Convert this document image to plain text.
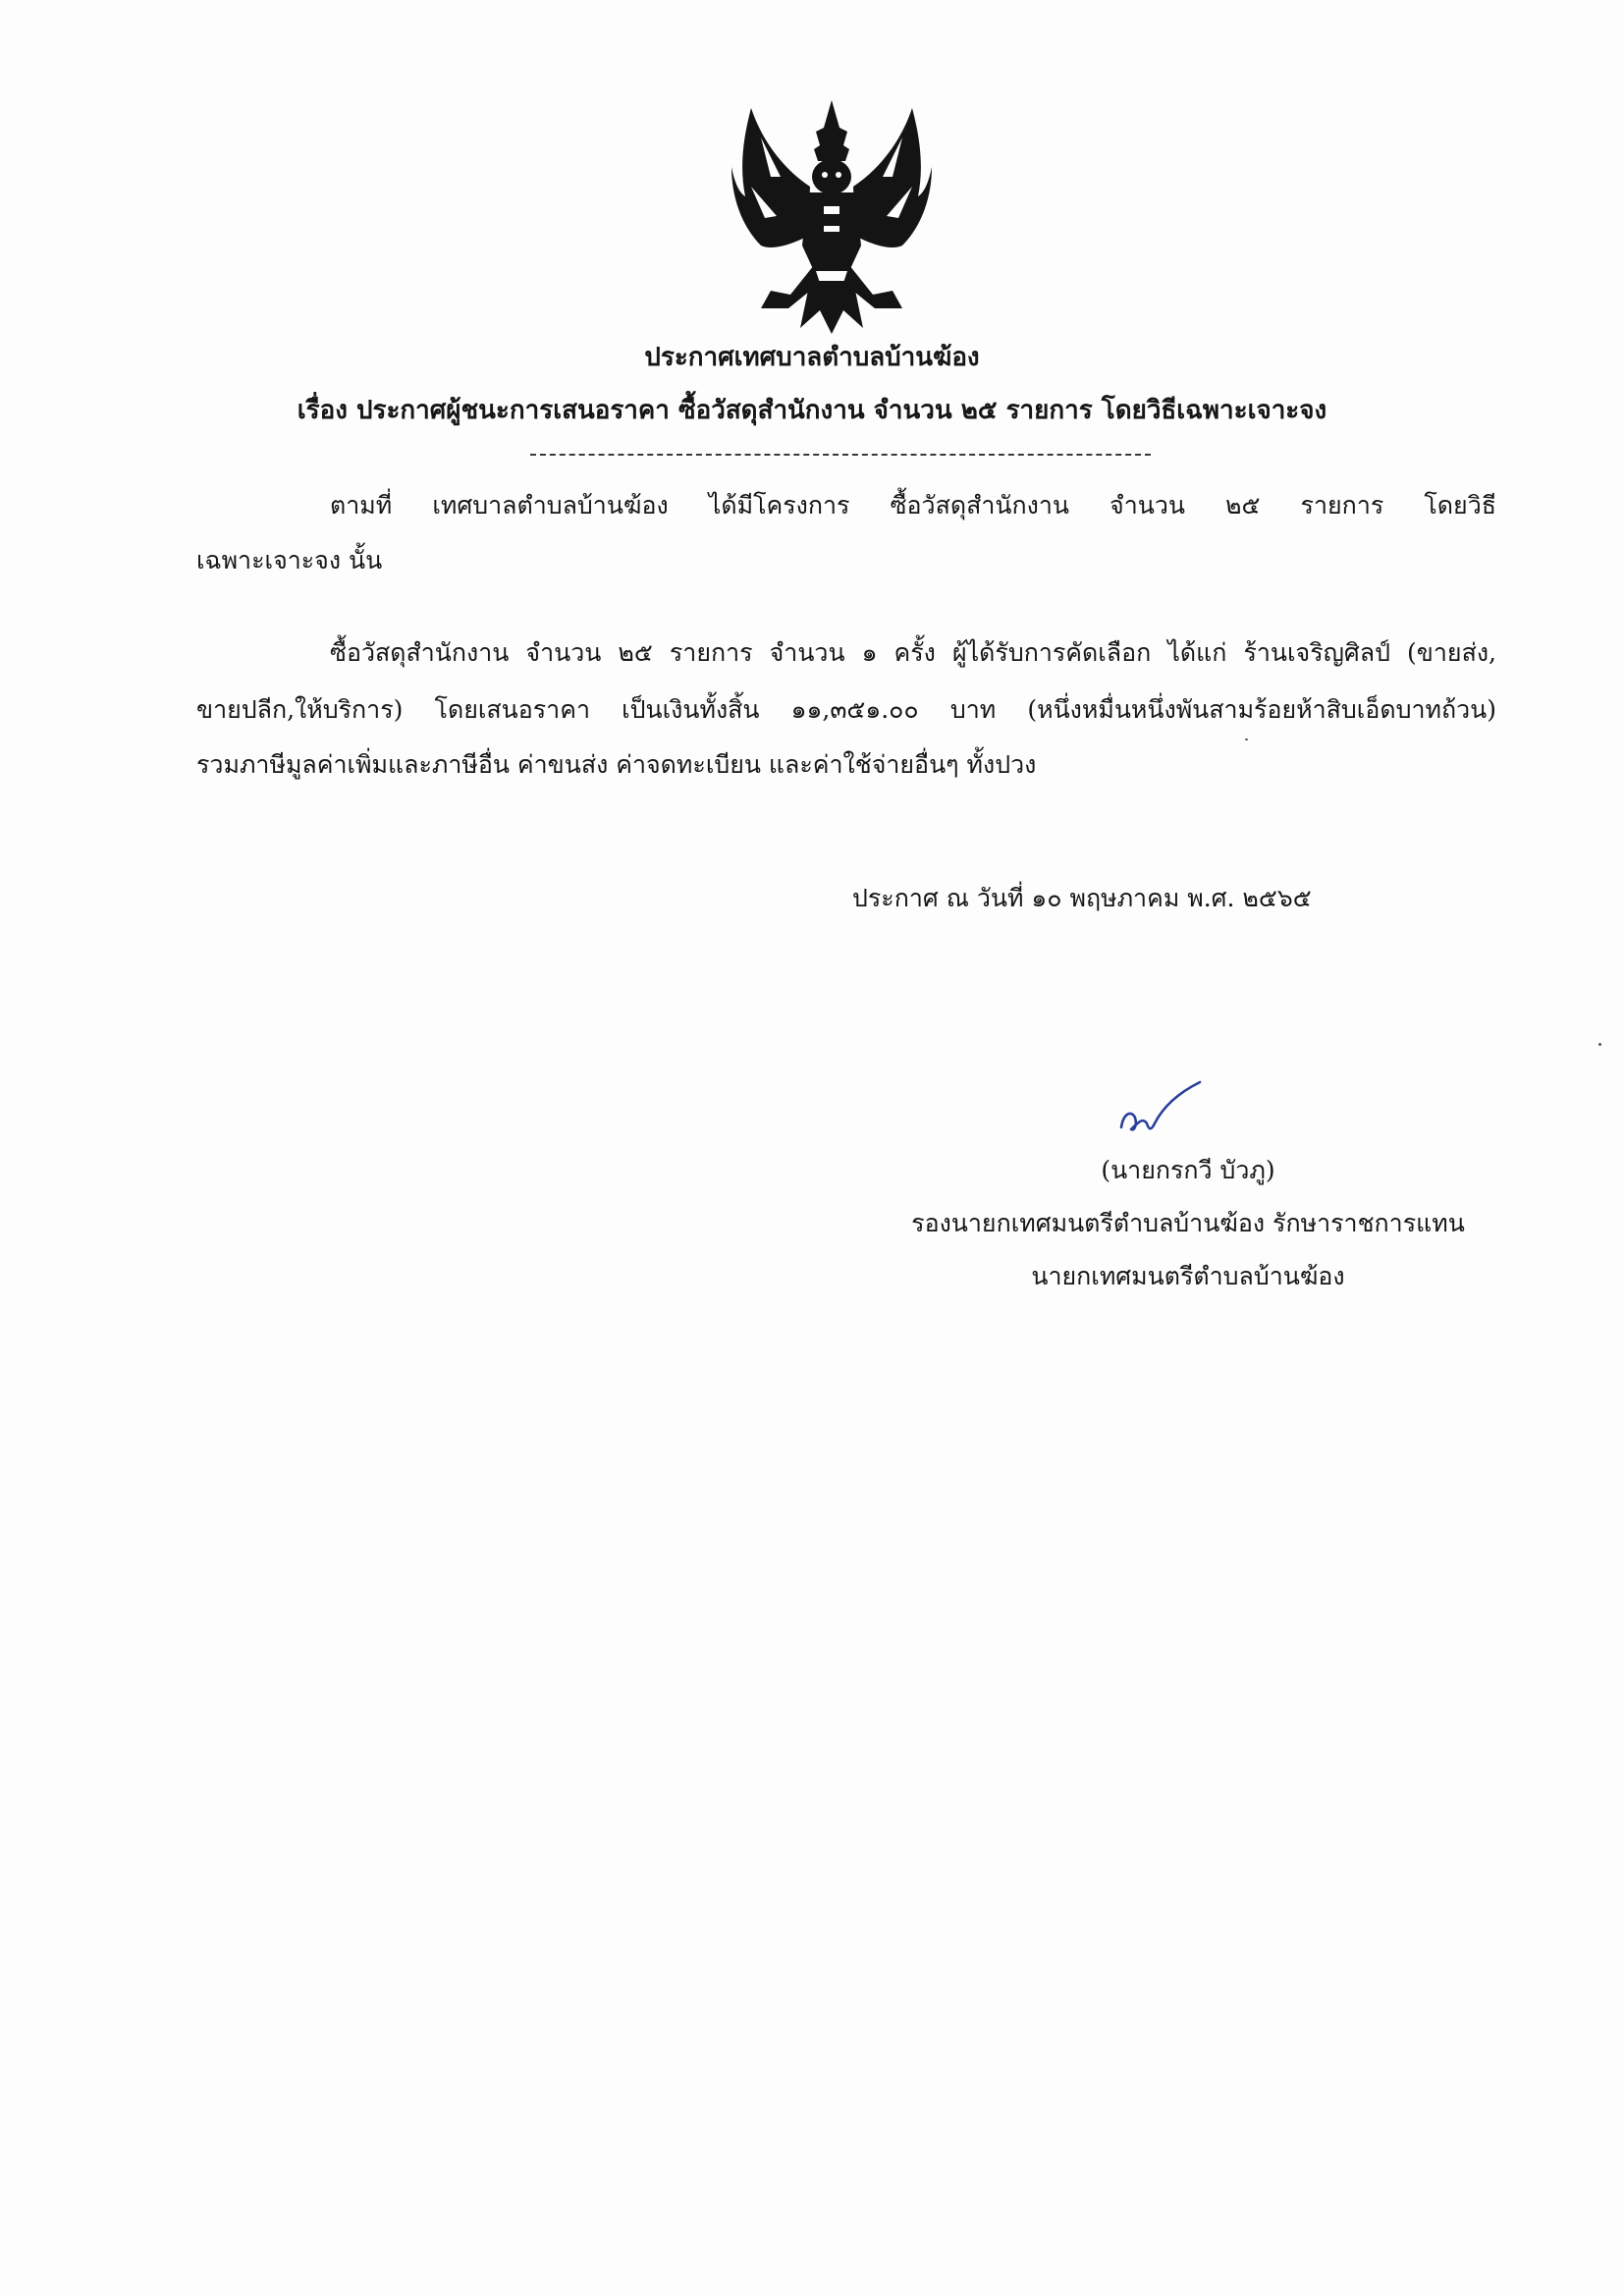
ประกาศเทศบาลตำบลบ้านฆ้อง
เรื่อง ประกาศผู้ชนะการเสนอราคา ซื้อวัสดุสำนักงาน จำนวน ๒๕ รายการ โดยวิธีเฉพาะเจาะจง
ตามที่ เทศบาลตำบลบ้านฆ้อง ได้มีโครงการ ซื้อวัสดุสำนักงาน จำนวน ๒๕ รายการ โดยวิธี
เฉพาะเจาะจง นั้น
ซื้อวัสดุสำนักงาน จำนวน ๒๕ รายการ จำนวน ๑ ครั้ง ผู้ได้รับการคัดเลือก ได้แก่ ร้านเจริญศิลป์ (ขายส่ง,
ขายปลีก,ให้บริการ) โดยเสนอราคา เป็นเงินทั้งสิ้น ๑๑,๓๕๑.๐๐ บาท (หนึ่งหมื่นหนึ่งพันสามร้อยห้าสิบเอ็ดบาทถ้วน)
รวมภาษีมูลค่าเพิ่มและภาษีอื่น ค่าขนส่ง ค่าจดทะเบียน และค่าใช้จ่ายอื่นๆ ทั้งปวง
ประกาศ ณ วันที่ ๑๐ พฤษภาคม พ.ศ. ๒๕๖๕
(นายกรกวี บัวภู)
รองนายกเทศมนตรีตำบลบ้านฆ้อง รักษาราชการแทน
นายกเทศมนตรีตำบลบ้านฆ้อง
